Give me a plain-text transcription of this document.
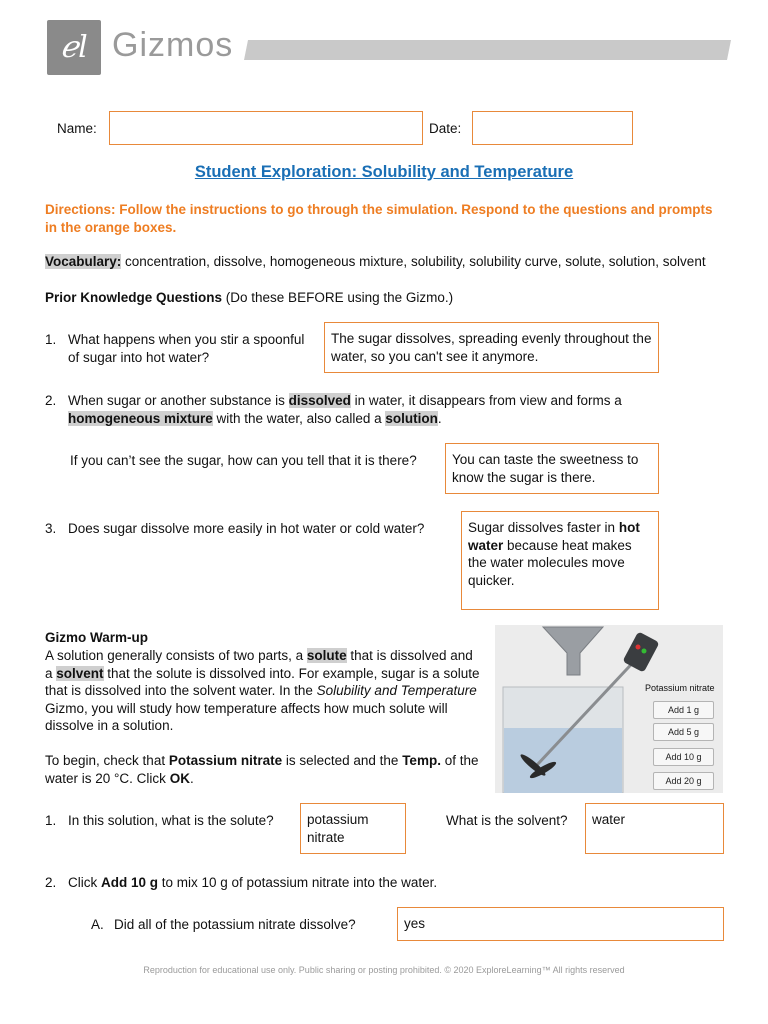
ℯl Gizmos
Name:	Date:
Student Exploration: Solubility and Temperature
Directions: Follow the instructions to go through the simulation. Respond to the questions and prompts in the orange boxes.
Vocabulary: concentration, dissolve, homogeneous mixture, solubility, solubility curve, solute, solution, solvent
Prior Knowledge Questions (Do these BEFORE using the Gizmo.)
1. What happens when you stir a spoonful of sugar into hot water?
The sugar dissolves, spreading evenly throughout the water, so you can't see it anymore.
2. When sugar or another substance is dissolved in water, it disappears from view and forms a homogeneous mixture with the water, also called a solution.
If you can’t see the sugar, how can you tell that it is there?	You can taste the sweetness to know the sugar is there.
3. Does sugar dissolve more easily in hot water or cold water?	Sugar dissolves faster in hot water because heat makes the water molecules move quicker.
Gizmo Warm-up
A solution generally consists of two parts, a solute that is dissolved and a solvent that the solute is dissolved into. For example, sugar is a solute that is dissolved into the solvent water. In the Solubility and Temperature Gizmo, you will study how temperature affects how much solute will dissolve in a solution.
To begin, check that Potassium nitrate is selected and the Temp. of the water is 20 °C. Click OK.
Potassium nitrate
Add 1 g
Add 5 g
Add 10 g
Add 20 g
1. In this solution, what is the solute?	potassium nitrate
What is the solvent?	water
2. Click Add 10 g to mix 10 g of potassium nitrate into the water.
A. Did all of the potassium nitrate dissolve?	yes
Reproduction for educational use only. Public sharing or posting prohibited. © 2020 ExploreLearning™ All rights reserved
